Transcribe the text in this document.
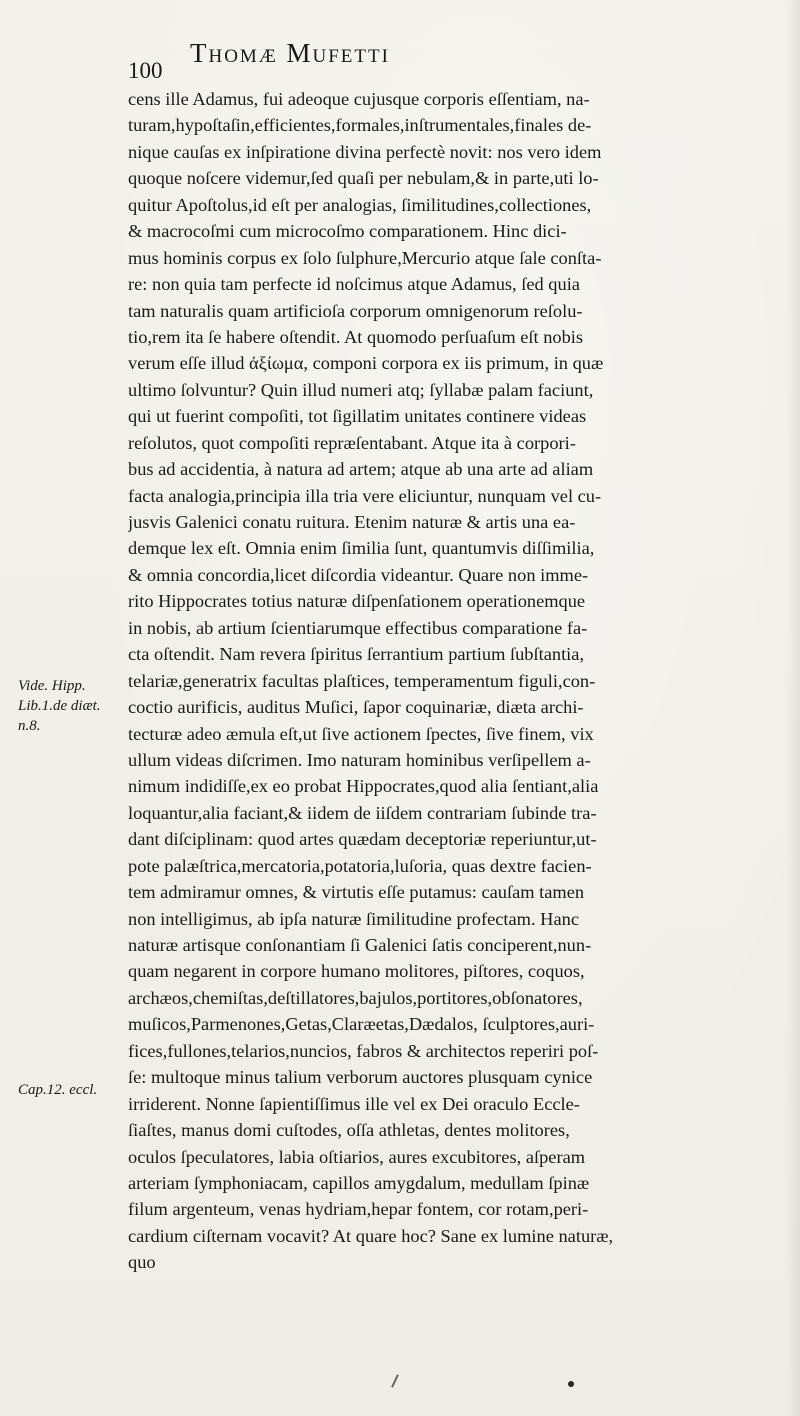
100
Thomæ Mufetti
Vide. Hipp.
Lib.1.de diæt.
n.8.
Cap.12. eccl.
cens ille Adamus, fui adeoque cujusque corporis eſſentiam, na-
turam,hypoſtaſin,efficientes,formales,inſtrumentales,finales de-
nique cauſas ex inſpiratione divina perfectè novit: nos vero idem
quoque noſcere videmur,ſed quaſi per nebulam,& in parte,uti lo-
quitur Apoſtolus,id eſt per analogias, ſimilitudines,collectiones,
& macrocoſmi cum microcoſmo comparationem. Hinc dici-
mus hominis corpus ex ſolo ſulphure,Mercurio atque ſale conſta-
re: non quia tam perfecte id noſcimus atque Adamus, ſed quia
tam naturalis quam artificioſa corporum omnigenorum reſolu-
tio,rem ita ſe habere oſtendit. At quomodo perſuaſum eſt nobis
verum eſſe illud ἀξίωμα, componi corpora ex iis primum, in quæ
ultimo ſolvuntur? Quin illud numeri atq; ſyllabæ palam faciunt,
qui ut fuerint compoſiti, tot ſigillatim unitates continere videas
reſolutos, quot compoſiti repræſentabant. Atque ita à corpori-
bus ad accidentia, à natura ad artem; atque ab una arte ad aliam
facta analogia,principia illa tria vere eliciuntur, nunquam vel cu-
jusvis Galenici conatu ruitura. Etenim naturæ & artis una ea-
demque lex eſt. Omnia enim ſimilia ſunt, quantumvis diſſimilia,
& omnia concordia,licet diſcordia videantur. Quare non imme-
rito Hippocrates totius naturæ diſpenſationem operationemque
in nobis, ab artium ſcientiarumque effectibus comparatione fa-
cta oſtendit. Nam revera ſpiritus ſerrantium partium ſubſtantia,
telariæ,generatrix facultas plaſtices, temperamentum figuli,con-
coctio aurificis, auditus Muſici, ſapor coquinariæ, diæta archi-
tecturæ adeo æmula eſt,ut ſive actionem ſpectes, ſive finem, vix
ullum videas diſcrimen. Imo naturam hominibus verſipellem a-
nimum indidiſſe,ex eo probat Hippocrates,quod alia ſentiant,alia
loquantur,alia faciant,& iidem de iiſdem contrariam ſubinde tra-
dant diſciplinam: quod artes quædam deceptoriæ reperiuntur,ut-
pote palæſtrica,mercatoria,potatoria,luſoria, quas dextre facien-
tem admiramur omnes, & virtutis eſſe putamus: cauſam tamen
non intelligimus, ab ipſa naturæ ſimilitudine profectam. Hanc
naturæ artisque conſonantiam ſi Galenici ſatis conciperent,nun-
quam negarent in corpore humano molitores, piſtores, coquos,
archæos,chemiſtas,deſtillatores,bajulos,portitores,obſonatores,
muſicos,Parmenones,Getas,Claræetas,Dædalos, ſculptores,auri-
fices,fullones,telarios,nuncios, fabros & architectos reperiri poſ-
ſe: multoque minus talium verborum auctores plusquam cynice
irriderent. Nonne ſapientiſſimus ille vel ex Dei oraculo Eccle-
ſiaſtes, manus domi cuſtodes, oſſa athletas, dentes molitores,
oculos ſpeculatores, labia oſtiarios, aures excubitores, aſperam
arteriam ſymphoniacam, capillos amygdalum, medullam ſpinæ
filum argenteum, venas hydriam,hepar fontem, cor rotam,peri-
cardium ciſternam vocavit? At quare hoc? Sane ex lumine naturæ,
quo
